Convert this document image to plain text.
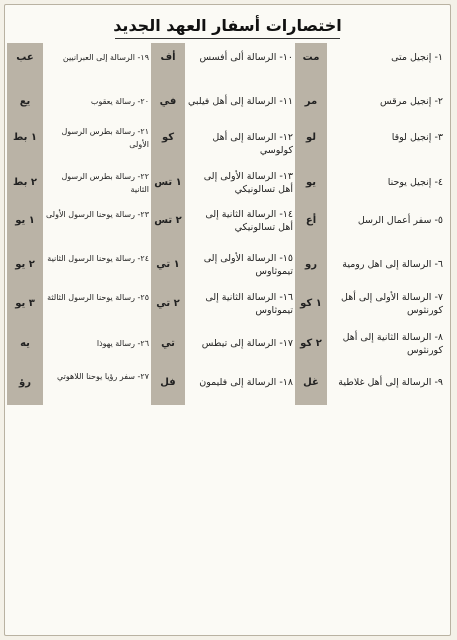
اختصارات أسفار العهد الجديد
١- إنجيل متى
مت
٢- إنجيل مرقس
مر
٣- إنجيل لوقا
لو
٤- إنجيل يوحنا
يو
٥- سفر أعمال الرسل
أع
٦- الرسالة إلى اهل رومية
رو
٧- الرسالة الأولى إلى أهل كورنثوس
١ كو
٨- الرسالة الثانية إلى أهل كورنثوس
٢ كو
٩- الرسالة إلى أهل غلاطية
غل
١٠- الرسالة ألى أفسس
أف
١١- الرسالة إلى أهل فيلبي
في
١٢- الرسالة إلى أهل كولوسي
كو
١٣- الرسالة الأولى إلى أهل تسالونيكي
١ تس
١٤- الرسالة الثانية إلى أهل تسالونيكي
٢ تس
١٥- الرسالة الأولى إلى تيموثاوس
١ تي
١٦- الرسالة الثانية إلى تيموثاوس
٢ تي
١٧- الرسالة إلى تيطس
تي
١٨- الرسالة إلى فليمون
فل
١٩- الرسالة إلى العبرانيين
عب
٢٠- رسالة يعقوب
يع
٢١- رسالة بطرس الرسول الأولى
١ بط
٢٢- رسالة بطرس الرسول الثانية
٢ بط
٢٣- رسالة يوحنا الرسول الأولى
١ يو
٢٤- رسالة يوحنا الرسول الثانية
٢ يو
٢٥- رسالة يوحنا الرسول الثالثة
٣ يو
٢٦- رسالة يهوذا
يه
٢٧- سفر رؤيا يوحنا اللاهوتي
رؤ
